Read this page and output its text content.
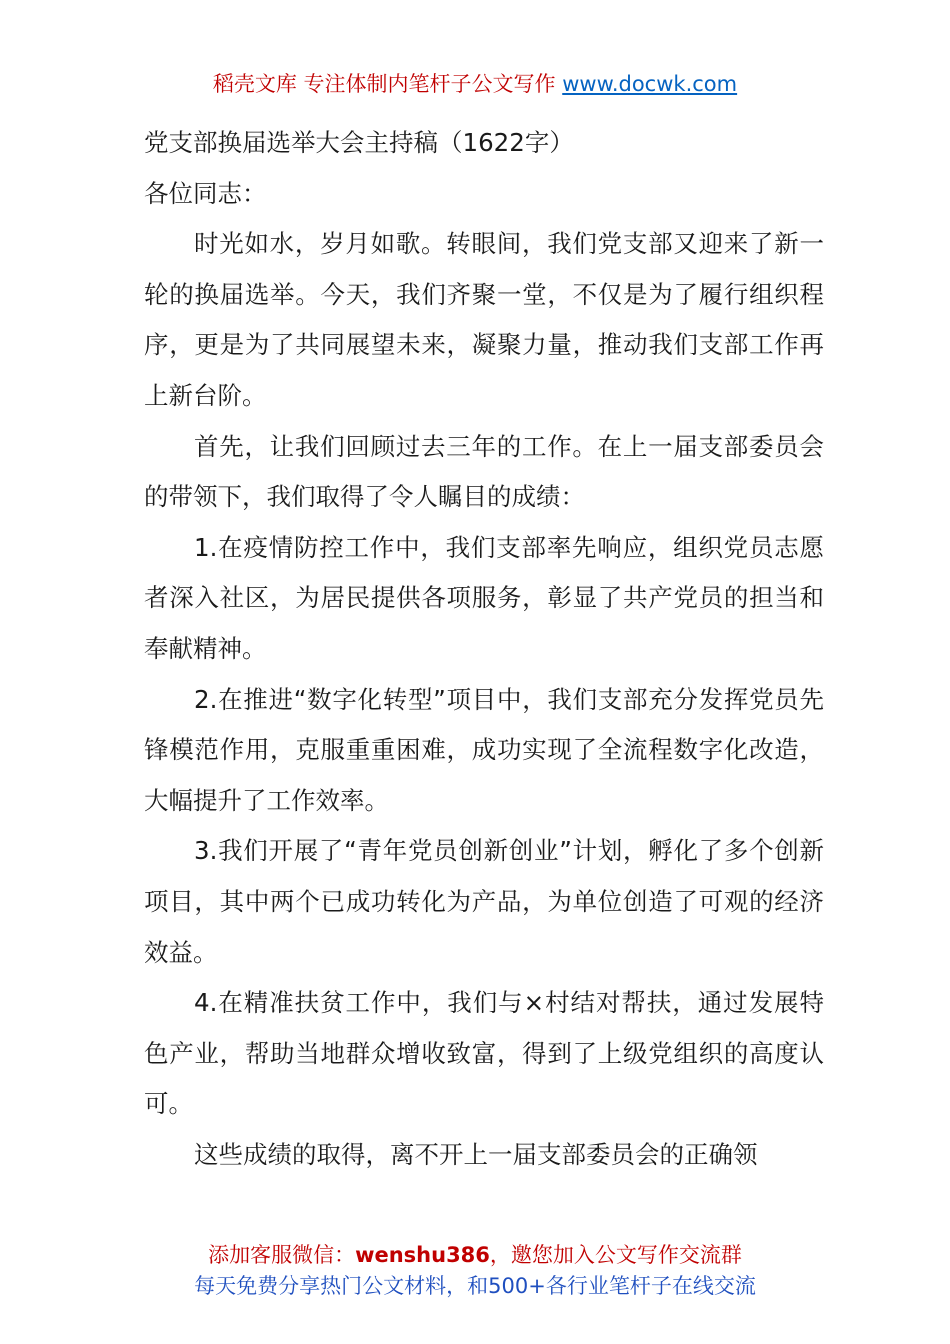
稻壳文库 专注体制内笔杆子公文写作 www.docwk.com

党支部换届选举大会主持稿（1622字）

各位同志：

时光如水，岁月如歌。转眼间，我们党支部又迎来了新一轮的换届选举。今天，我们齐聚一堂，不仅是为了履行组织程序，更是为了共同展望未来，凝聚力量，推动我们支部工作再上新台阶。

首先，让我们回顾过去三年的工作。在上一届支部委员会的带领下，我们取得了令人瞩目的成绩：

1.在疫情防控工作中，我们支部率先响应，组织党员志愿者深入社区，为居民提供各项服务，彰显了共产党员的担当和奉献精神。

2.在推进“数字化转型”项目中，我们支部充分发挥党员先锋模范作用，克服重重困难，成功实现了全流程数字化改造，大幅提升了工作效率。

3.我们开展了“青年党员创新创业”计划，孵化了多个创新项目，其中两个已成功转化为产品，为单位创造了可观的经济效益。

4.在精准扶贫工作中，我们与×村结对帮扶，通过发展特色产业，帮助当地群众增收致富，得到了上级党组织的高度认可。

这些成绩的取得，离不开上一届支部委员会的正确领

添加客服微信：wenshu386，邀您加入公文写作交流群
每天免费分享热门公文材料，和500+各行业笔杆子在线交流
